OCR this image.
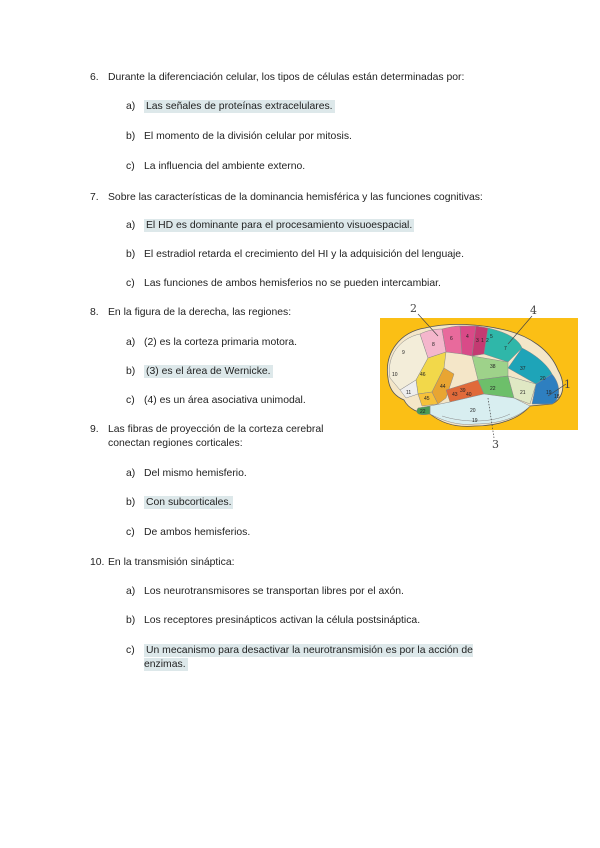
6. Durante la diferenciación celular, los tipos de células están determinadas por:
a) Las señales de proteínas extracelulares.
b) El momento de la división celular por mitosis.
c) La influencia del ambiente externo.
7. Sobre las características de la dominancia hemisférica y las funciones cognitivas:
a) El HD es dominante para el procesamiento visuoespacial.
b) El estradiol retarda el crecimiento del HI y la adquisición del lenguaje.
c) Las funciones de ambos hemisferios no se pueden intercambiar.
8. En la figura de la derecha, las regiones:
a) (2) es la corteza primaria motora.
b) (3) es el área de Wernicke.
c) (4) es un área asociativa unimodal.
9
10
8
6	4
3 1 2
5
7
37
20
19
18
38
46
45
44
43
39
40
22
21
20
19
22
11
2	4
1
3
9. Las fibras de proyección de la corteza cerebral conectan regiones corticales:
a) Del mismo hemisferio.
b) Con subcorticales.
c) De ambos hemisferios.
10. En la transmisión sináptica:
a) Los neurotransmisores se transportan libres por el axón.
b) Los receptores presinápticos activan la célula postsináptica.
c)	Un mecanismo para desactivar la neurotransmisión es por la acción de enzimas.
